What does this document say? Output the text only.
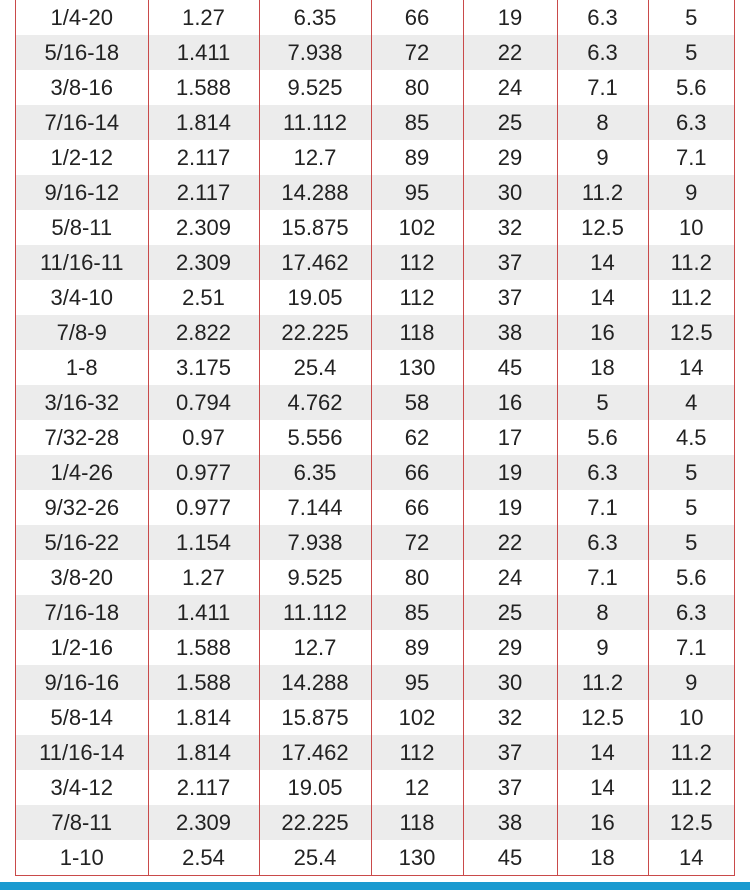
1/4-20	1.27	6.35	66	19	6.3	5
5/16-18	1.411	7.938	72	22	6.3	5
3/8-16	1.588	9.525	80	24	7.1	5.6
7/16-14	1.814	11.112	85	25	8	6.3
1/2-12	2.117	12.7	89	29	9	7.1
9/16-12	2.117	14.288	95	30	11.2	9
5/8-11	2.309	15.875	102	32	12.5	10
11/16-11	2.309	17.462	112	37	14	11.2
3/4-10	2.51	19.05	112	37	14	11.2
7/8-9	2.822	22.225	118	38	16	12.5
1-8	3.175	25.4	130	45	18	14
3/16-32	0.794	4.762	58	16	5	4
7/32-28	0.97	5.556	62	17	5.6	4.5
1/4-26	0.977	6.35	66	19	6.3	5
9/32-26	0.977	7.144	66	19	7.1	5
5/16-22	1.154	7.938	72	22	6.3	5
3/8-20	1.27	9.525	80	24	7.1	5.6
7/16-18	1.411	11.112	85	25	8	6.3
1/2-16	1.588	12.7	89	29	9	7.1
9/16-16	1.588	14.288	95	30	11.2	9
5/8-14	1.814	15.875	102	32	12.5	10
11/16-14	1.814	17.462	112	37	14	11.2
3/4-12	2.117	19.05	12	37	14	11.2
7/8-11	2.309	22.225	118	38	16	12.5
1-10	2.54	25.4	130	45	18	14
